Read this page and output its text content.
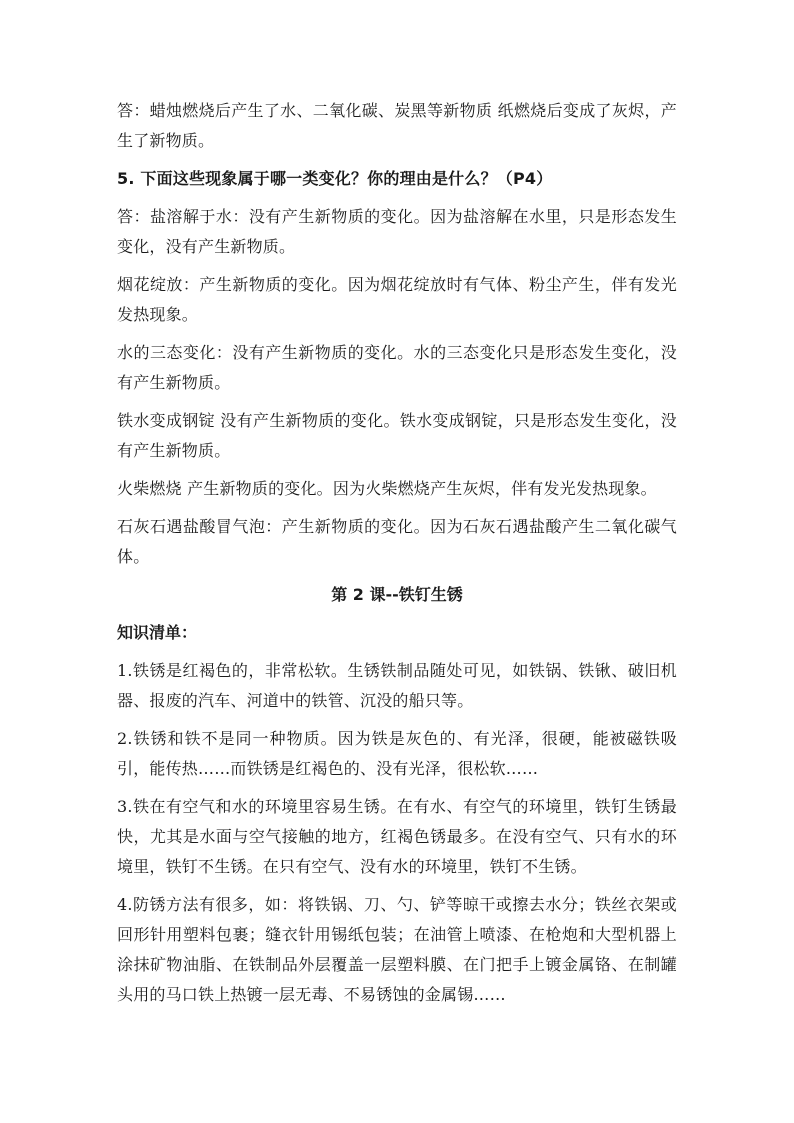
答：蜡烛燃烧后产生了水、二氧化碳、炭黑等新物质 纸燃烧后变成了灰烬，产生了新物质。

5. 下面这些现象属于哪一类变化？你的理由是什么？（P4）

答：盐溶解于水：没有产生新物质的变化。因为盐溶解在水里，只是形态发生变化，没有产生新物质。

烟花绽放：产生新物质的变化。因为烟花绽放时有气体、粉尘产生，伴有发光发热现象。

水的三态变化：没有产生新物质的变化。水的三态变化只是形态发生变化，没有产生新物质。

铁水变成钢锭 没有产生新物质的变化。铁水变成钢锭，只是形态发生变化，没有产生新物质。

火柴燃烧 产生新物质的变化。因为火柴燃烧产生灰烬，伴有发光发热现象。

石灰石遇盐酸冒气泡：产生新物质的变化。因为石灰石遇盐酸产生二氧化碳气体。

第 2 课--铁钉生锈
知识清单：

1.铁锈是红褐色的，非常松软。生锈铁制品随处可见，如铁锅、铁锹、破旧机器、报废的汽车、河道中的铁管、沉没的船只等。

2.铁锈和铁不是同一种物质。因为铁是灰色的、有光泽，很硬，能被磁铁吸引，能传热……而铁锈是红褐色的、没有光泽，很松软……

3.铁在有空气和水的环境里容易生锈。在有水、有空气的环境里，铁钉生锈最快，尤其是水面与空气接触的地方，红褐色锈最多。在没有空气、只有水的环境里，铁钉不生锈。在只有空气、没有水的环境里，铁钉不生锈。

4.防锈方法有很多，如：将铁锅、刀、勺、铲等晾干或擦去水分；铁丝衣架或回形针用塑料包裹；缝衣针用锡纸包装；在油管上喷漆、在枪炮和大型机器上涂抹矿物油脂、在铁制品外层覆盖一层塑料膜、在门把手上镀金属铬、在制罐头用的马口铁上热镀一层无毒、不易锈蚀的金属锡……
